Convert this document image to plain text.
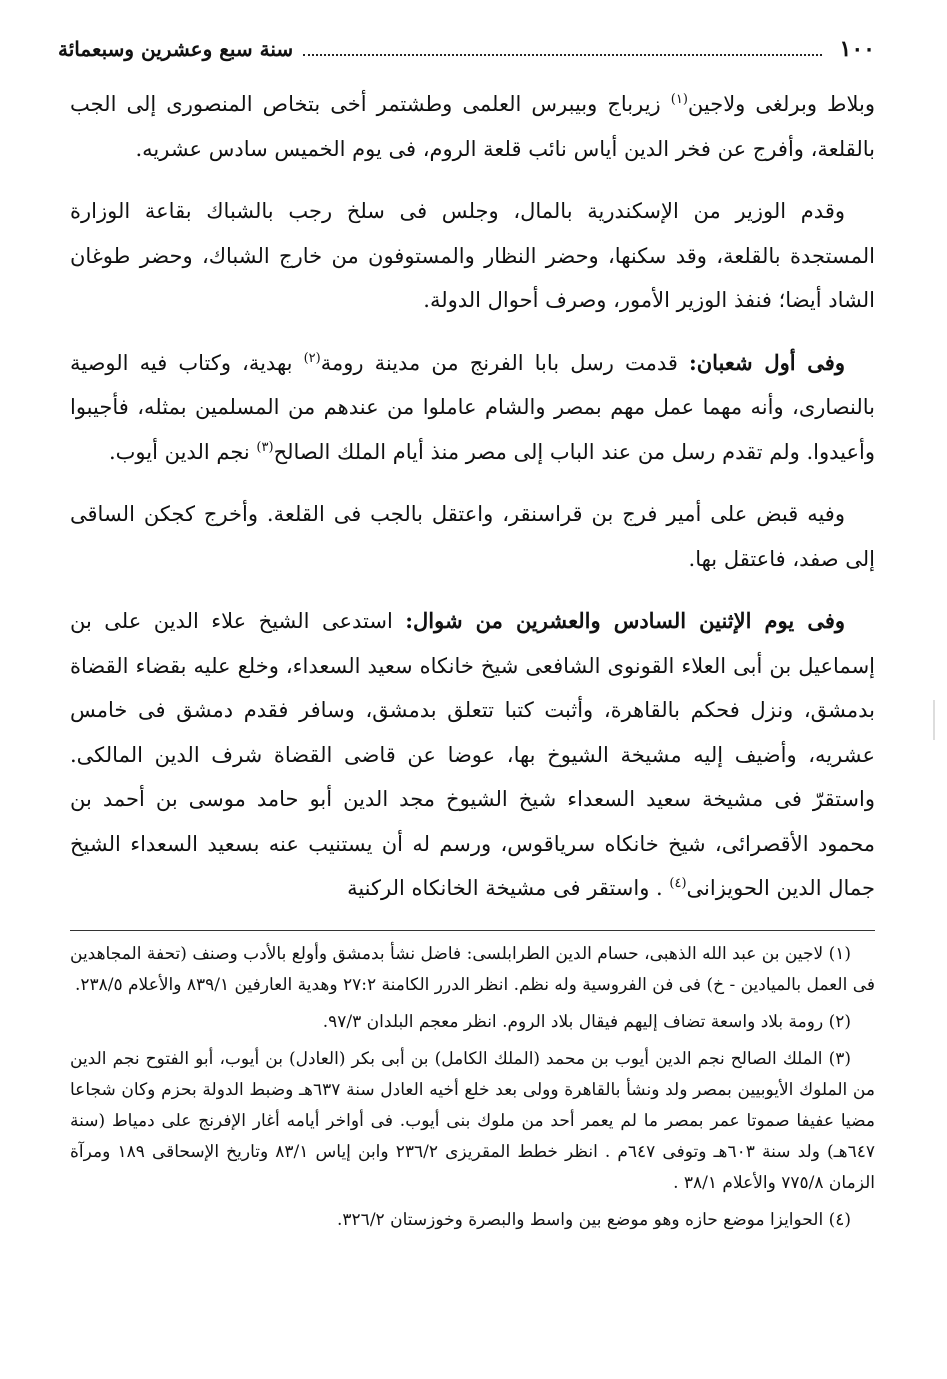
١٠٠
سنة سبع وعشرين وسبعمائة

وبلاط وبرلغى ولاجين$^{(١)}$ زيرباج وبيبرس العلمى وطشتمر أخى بتخاص المنصورى إلى الجب بالقلعة، وأفرج عن فخر الدين أياس نائب قلعة الروم، فى يوم الخميس سادس عشريه.

وقدم الوزير من الإسكندرية بالمال، وجلس فى سلخ رجب بالشباك بقاعة الوزارة المستجدة بالقلعة، وقد سكنها، وحضر النظار والمستوفون من خارج الشباك، وحضر طوغان الشاد أيضا؛ فنفذ الوزير الأمور، وصرف أحوال الدولة.

وفى أول شعبان: قدمت رسل بابا الفرنج من مدينة رومة$^{(٢)}$ بهدية، وكتاب فيه الوصية بالنصارى، وأنه مهما عمل مهم بمصر والشام عاملوا من عندهم من المسلمين بمثله، فأجيبوا وأعيدوا. ولم تقدم رسل من عند الباب إلى مصر منذ أيام الملك الصالح$^{(٣)}$ نجم الدين أيوب.

وفيه قبض على أمير فرج بن قراسنقر، واعتقل بالجب فى القلعة. وأخرج كجكن الساقى إلى صفد، فاعتقل بها.

وفى يوم الإثنين السادس والعشرين من شوال: استدعى الشيخ علاء الدين على بن إسماعيل بن أبى العلاء القونوى الشافعى شيخ خانكاه سعيد السعداء، وخلع عليه بقضاء القضاة بدمشق، ونزل فحكم بالقاهرة، وأثبت كتبا تتعلق بدمشق، وسافر فقدم دمشق فى خامس عشريه، وأضيف إليه مشيخة الشيوخ بها، عوضا عن قاضى القضاة شرف الدين المالكى. واستقرّ فى مشيخة سعيد السعداء شيخ الشيوخ مجد الدين أبو حامد موسى بن أحمد بن محمود الأقصرائى، شيخ خانكاه سرياقوس، ورسم له أن يستنيب عنه بسعيد السعداء الشيخ جمال الدين الحويزانى$^{(٤)}$ . واستقر فى مشيخة الخانكاه الركنية

(١) لاجين بن عبد الله الذهبى، حسام الدين الطرابلسى: فاضل نشأ بدمشق وأولع بالأدب وصنف (تحفة المجاهدين فى العمل بالميادين - خ) فى فن الفروسية وله نظم. انظر الدرر الكامنة ٢٧:٢ وهدية العارفين ٨٣٩/١ والأعلام ٢٣٨/٥.

(٢) رومة بلاد واسعة تضاف إليهم فيقال بلاد الروم. انظر معجم البلدان ٩٧/٣.

(٣) الملك الصالح نجم الدين أيوب بن محمد (الملك الكامل) بن أبى بكر (العادل) بن أيوب، أبو الفتوح نجم الدين من الملوك الأيوبيين بمصر ولد ونشأ بالقاهرة وولى بعد خلع أخيه العادل سنة ٦٣٧هـ وضبط الدولة بحزم وكان شجاعا مضيا عفيفا صموتا عمر بمصر ما لم يعمر أحد من ملوك بنى أيوب. فى أواخر أيامه أغار الإفرنج على دمياط (سنة ٦٤٧هـ) ولد سنة ٦٠٣هـ وتوفى ٦٤٧م . انظر خطط المقريزى ٢٣٦/٢ وابن إياس ٨٣/١ وتاريخ الإسحاقى ١٨٩ ومرآة الزمان ٧٧٥/٨ والأعلام ٣٨/١ .

(٤) الحوايزا موضع حازه وهو موضع بين واسط والبصرة وخوزستان ٣٢٦/٢.
